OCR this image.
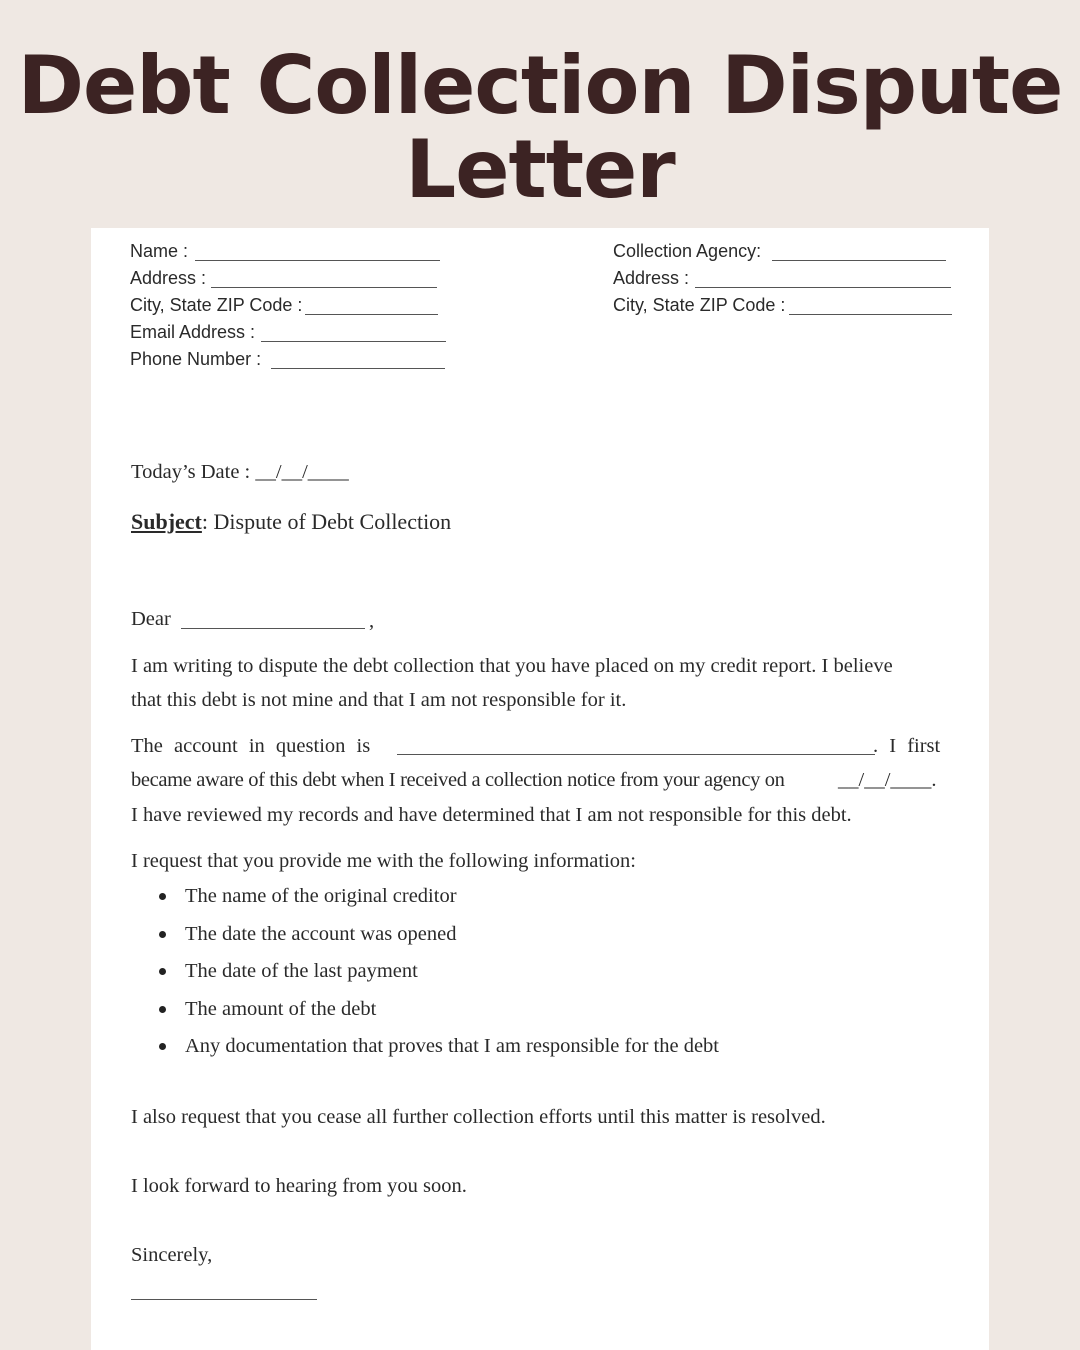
Debt Collection Dispute
Letter
Name :
Address :
City, State ZIP Code :
Email Address :
Phone Number :
Collection Agency:
Address :
City, State ZIP Code :
Today’s Date : __/__/____
Subject: Dispute of Debt Collection
Dear	,
I am writing to dispute the debt collection that you have placed on my credit report. I believe
that this debt is not mine and that I am not responsible for it.
The account in question is	. I first
became aware of this debt when I received a collection notice from your agency on	__/__/____.
I have reviewed my records and have determined that I am not responsible for this debt.
I request that you provide me with the following information:
The name of the original creditor
The date the account was opened
The date of the last payment
The amount of the debt
Any documentation that proves that I am responsible for the debt
I also request that you cease all further collection efforts until this matter is resolved.
I look forward to hearing from you soon.
Sincerely,
